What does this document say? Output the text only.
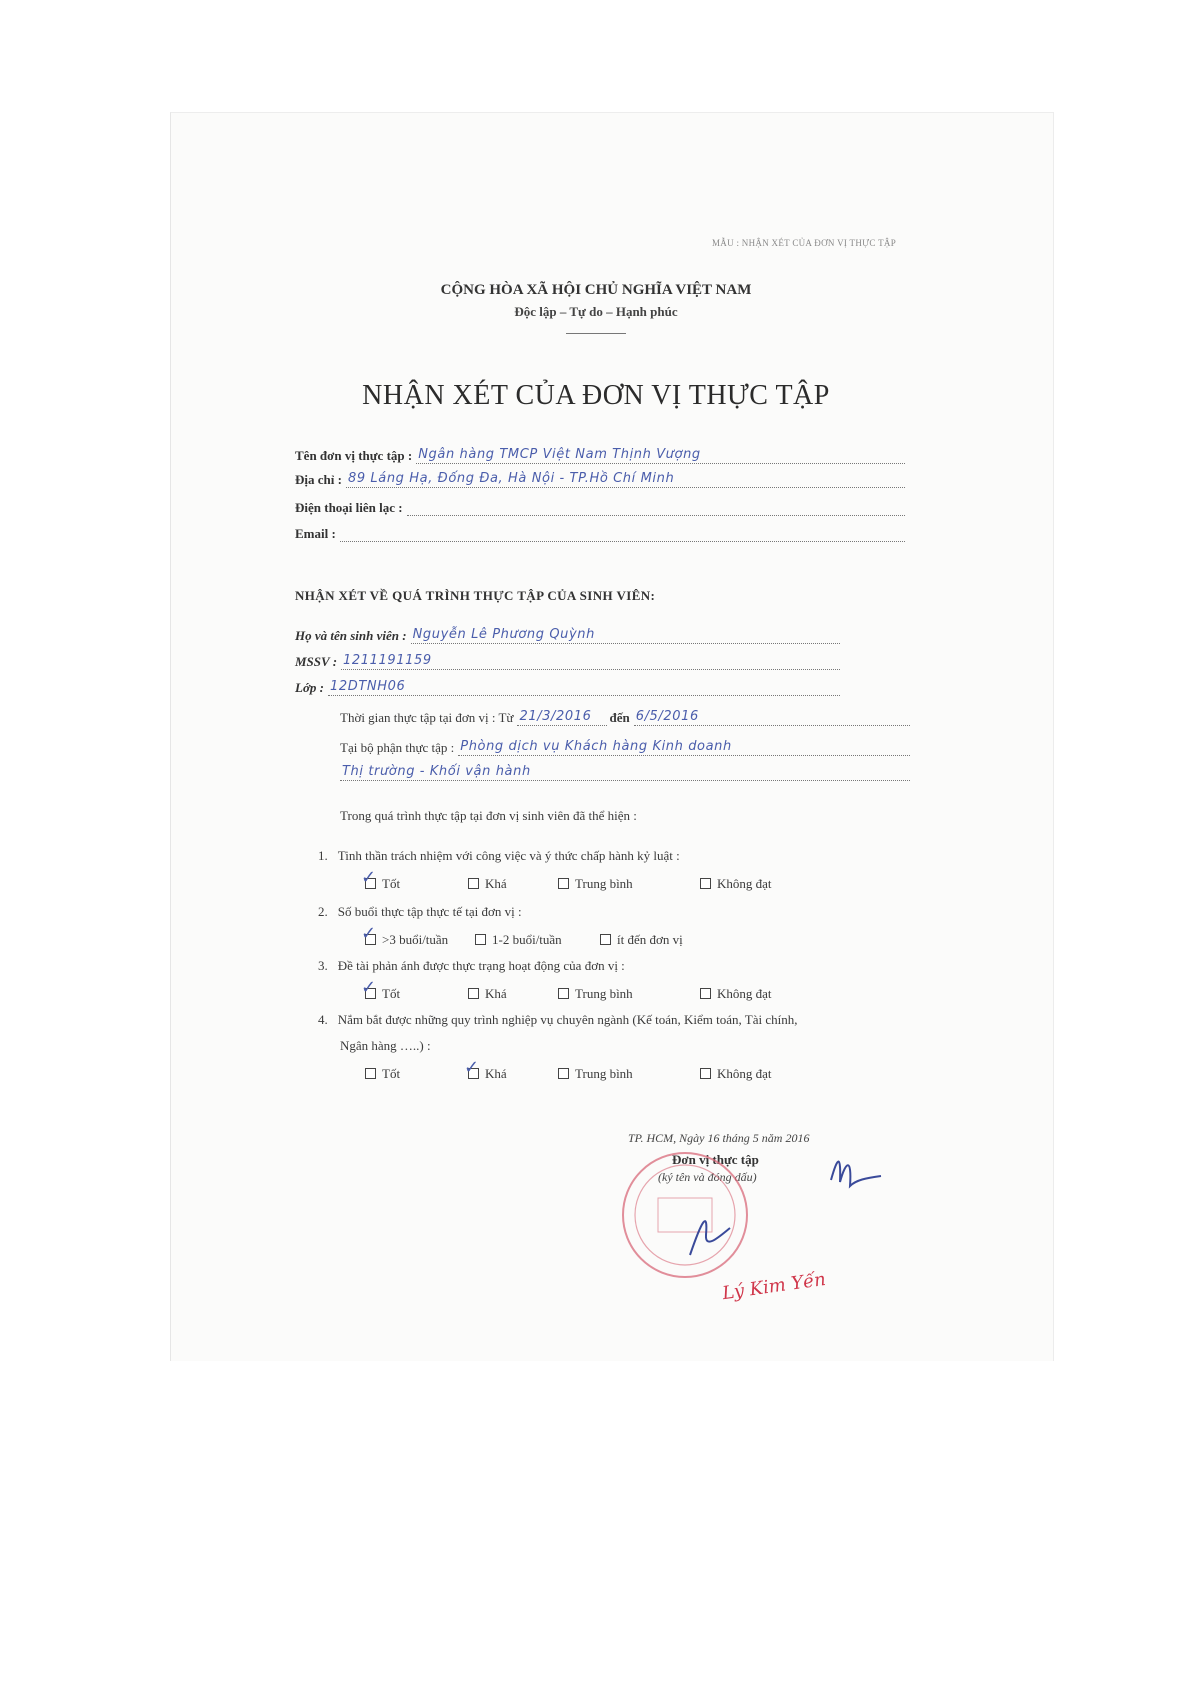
MẪU : NHẬN XÉT CỦA ĐƠN VỊ THỰC TẬP
CỘNG HÒA XÃ HỘI CHỦ NGHĨA VIỆT NAM
Độc lập – Tự do – Hạnh phúc
NHẬN XÉT CỦA ĐƠN VỊ THỰC TẬP
Tên đơn vị thực tập : Ngân hàng TMCP Việt Nam Thịnh Vượng
Địa chỉ : 89 Láng Hạ, Đống Đa, Hà Nội - TP.Hồ Chí Minh
Điện thoại liên lạc :
Email :
NHẬN XÉT VỀ QUÁ TRÌNH THỰC TẬP CỦA SINH VIÊN:
Họ và tên sinh viên : Nguyễn Lê Phương Quỳnh
MSSV : 1211191159
Lớp : 12DTNH06
Thời gian thực tập tại đơn vị : Từ 21/3/2016 đến 6/5/2016
Tại bộ phận thực tập : Phòng dịch vụ Khách hàng Kinh doanh
Thị trường - Khối vận hành
Trong quá trình thực tập tại đơn vị sinh viên đã thể hiện :
1. Tinh thần trách nhiệm với công việc và ý thức chấp hành kỷ luật :
✓Tốt	Khá	Trung bình	Không đạt
2. Số buổi thực tập thực tế tại đơn vị :
✓>3 buổi/tuần	1-2 buổi/tuần	ít đến đơn vị
3. Đề tài phản ánh được thực trạng hoạt động của đơn vị :
✓Tốt	Khá	Trung bình	Không đạt
4. Nắm bắt được những quy trình nghiệp vụ chuyên ngành (Kế toán, Kiểm toán, Tài chính,
Ngân hàng …..) :
Tốt
✓	Khá	Trung bình	Không đạt
TP. HCM, Ngày 16 tháng 5 năm 2016
Đơn vị thực tập
(ký tên và đóng dấu)
Lý Kim Yến
